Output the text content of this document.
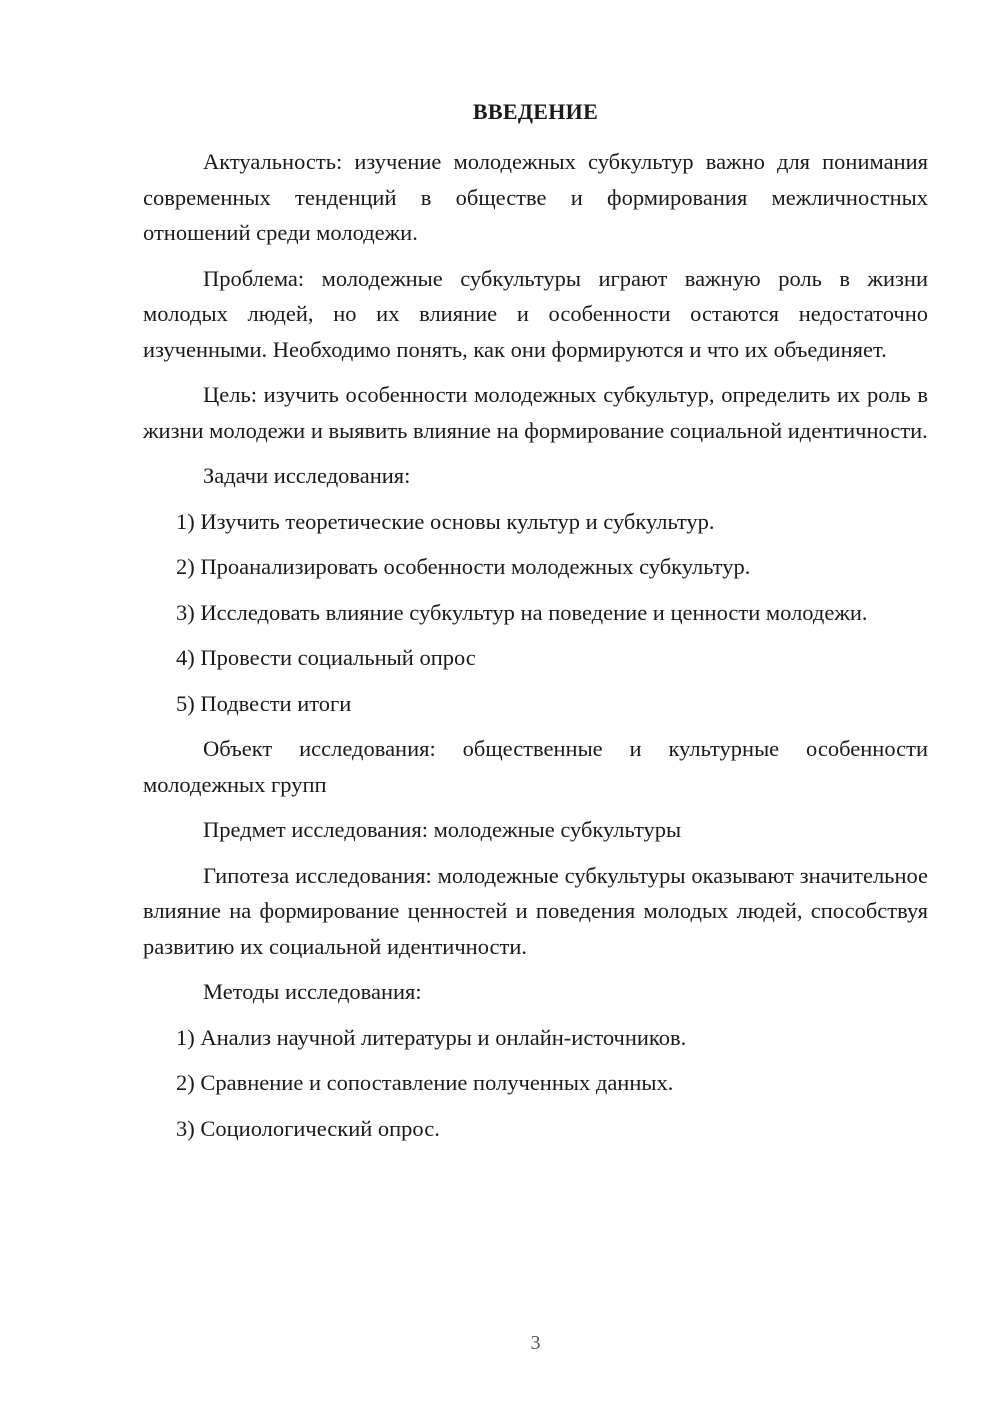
ВВЕДЕНИЕ

Актуальность: изучение молодежных субкультур важно для понимания современных тенденций в обществе и формирования межличностных отношений среди молодежи.

Проблема: молодежные субкультуры играют важную роль в жизни молодых людей, но их влияние и особенности остаются недостаточно изученными. Необходимо понять, как они формируются и что их объединяет.

Цель: изучить особенности молодежных субкультур, определить их роль в жизни молодежи и выявить влияние на формирование социальной идентичности.

Задачи исследования:

1) Изучить теоретические основы культур и субкультур.

2) Проанализировать особенности молодежных субкультур.

3) Исследовать влияние субкультур на поведение и ценности молодежи.

4) Провести социальный опрос

5) Подвести итоги

Объект исследования: общественные и культурные особенности молодежных групп

Предмет исследования: молодежные субкультуры

Гипотеза исследования: молодежные субкультуры оказывают значительное влияние на формирование ценностей и поведения молодых людей, способствуя развитию их социальной идентичности.

Методы исследования:

1) Анализ научной литературы и онлайн-источников.

2) Сравнение и сопоставление полученных данных.

3) Социологический опрос.

3
